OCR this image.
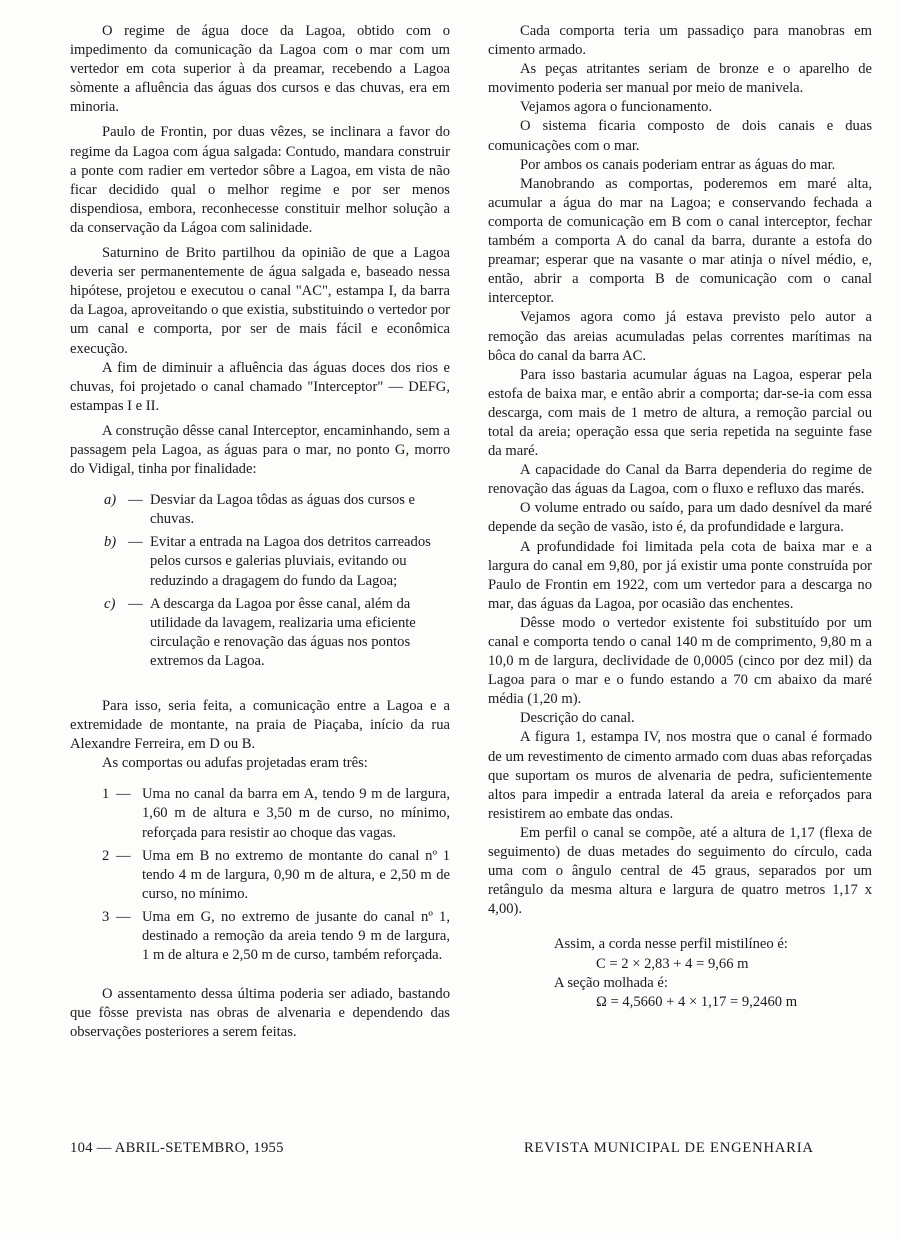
O regime de água doce da Lagoa, obtido com o impedimento da comunicação da Lagoa com o mar com um vertedor em cota superior à da preamar, recebendo a Lagoa sòmente a afluência das águas dos cursos e das chuvas, era em minoria.

Paulo de Frontin, por duas vêzes, se inclinara a favor do regime da Lagoa com água salgada: Contudo, mandara construir a ponte com radier em vertedor sôbre a Lagoa, em vista de não ficar decidido qual o melhor regime e por ser menos dispendiosa, embora, reconhecesse constituir melhor solução a da conservação da Lágoa com salinidade.

Saturnino de Brito partilhou da opinião de que a Lagoa deveria ser permanentemente de água salgada e, baseado nessa hipótese, projetou e executou o canal "AC", estampa I, da barra da Lagoa, aproveitando o que existia, substituindo o vertedor por um canal e comporta, por ser de mais fácil e econômica execução.

A fim de diminuir a afluência das águas doces dos rios e chuvas, foi projetado o canal chamado "Interceptor" — DEFG, estampas I e II.

A construção dêsse canal Interceptor, encaminhando, sem a passagem pela Lagoa, as águas para o mar, no ponto G, morro do Vidigal, tinha por finalidade:

a) — Desviar da Lagoa tôdas as águas dos cursos e chuvas.
b) — Evitar a entrada na Lagoa dos detritos carreados pelos cursos e galerias pluviais, evitando ou reduzindo a dragagem do fundo da Lagoa;
c) — A descarga da Lagoa por êsse canal, além da utilidade da lavagem, realizaria uma eficiente circulação e renovação das águas nos pontos extremos da Lagoa.

Para isso, seria feita, a comunicação entre a Lagoa e a extremidade de montante, na praia de Piaçaba, início da rua Alexandre Ferreira, em D ou B.

As comportas ou adufas projetadas eram três:

1 — Uma no canal da barra em A, tendo 9 m de largura, 1,60 m de altura e 3,50 m de curso, no mínimo, reforçada para resistir ao choque das vagas.
2 — Uma em B no extremo de montante do canal nº 1 tendo 4 m de largura, 0,90 m de altura, e 2,50 m de curso, no mínimo.
3 — Uma em G, no extremo de jusante do canal nº 1, destinado a remoção da areia tendo 9 m de largura, 1 m de altura e 2,50 m de curso, também reforçada.

O assentamento dessa última poderia ser adiado, bastando que fôsse prevista nas obras de alvenaria e dependendo das observações posteriores a serem feitas.

Cada comporta teria um passadiço para manobras em cimento armado.

As peças atritantes seriam de bronze e o aparelho de movimento poderia ser manual por meio de manivela.

Vejamos agora o funcionamento.

O sistema ficaria composto de dois canais e duas comunicações com o mar.

Por ambos os canais poderiam entrar as águas do mar.

Manobrando as comportas, poderemos em maré alta, acumular a água do mar na Lagoa; e conservando fechada a comporta de comunicação em B com o canal interceptor, fechar também a comporta A do canal da barra, durante a estofa do preamar; esperar que na vasante o mar atinja o nível médio, e, então, abrir a comporta B de comunicação com o canal interceptor.

Vejamos agora como já estava previsto pelo autor a remoção das areias acumuladas pelas correntes marítimas na bôca do canal da barra AC.

Para isso bastaria acumular águas na Lagoa, esperar pela estofa de baixa mar, e então abrir a comporta; dar-se-ia com essa descarga, com mais de 1 metro de altura, a remoção parcial ou total da areia; operação essa que seria repetida na seguinte fase da maré.

A capacidade do Canal da Barra dependeria do regime de renovação das águas da Lagoa, com o fluxo e refluxo das marés.

O volume entrado ou saído, para um dado desnível da maré depende da seção de vasão, isto é, da profundidade e largura.

A profundidade foi limitada pela cota de baixa mar e a largura do canal em 9,80, por já existir uma ponte construída por Paulo de Frontin em 1922, com um vertedor para a descarga no mar, das águas da Lagoa, por ocasião das enchentes.

Dêsse modo o vertedor existente foi substituído por um canal e comporta tendo o canal 140 m de comprimento, 9,80 m a 10,0 m de largura, declividade de 0,0005 (cinco por dez mil) da Lagoa para o mar e o fundo estando a 70 cm abaixo da maré média (1,20 m).

Descrição do canal.

A figura 1, estampa IV, nos mostra que o canal é formado de um revestimento de cimento armado com duas abas reforçadas que suportam os muros de alvenaria de pedra, suficientemente altos para impedir a entrada lateral da areia e reforçados para resistirem ao embate das ondas.

Em perfil o canal se compõe, até a altura de 1,17 (flexa de seguimento) de duas metades do seguimento do círculo, cada uma com o ângulo central de 45 graus, separados por um retângulo da mesma altura e largura de quatro metros 1,17 x 4,00).

Assim, a corda nesse perfil mistilíneo é:

C = 2 × 2,83 + 4 = 9,66 m

A seção molhada é:

Ω = 4,5660 + 4 × 1,17 = 9,2460 m

104 — ABRIL-SETEMBRO, 1955	REVISTA MUNICIPAL DE ENGENHARIA
